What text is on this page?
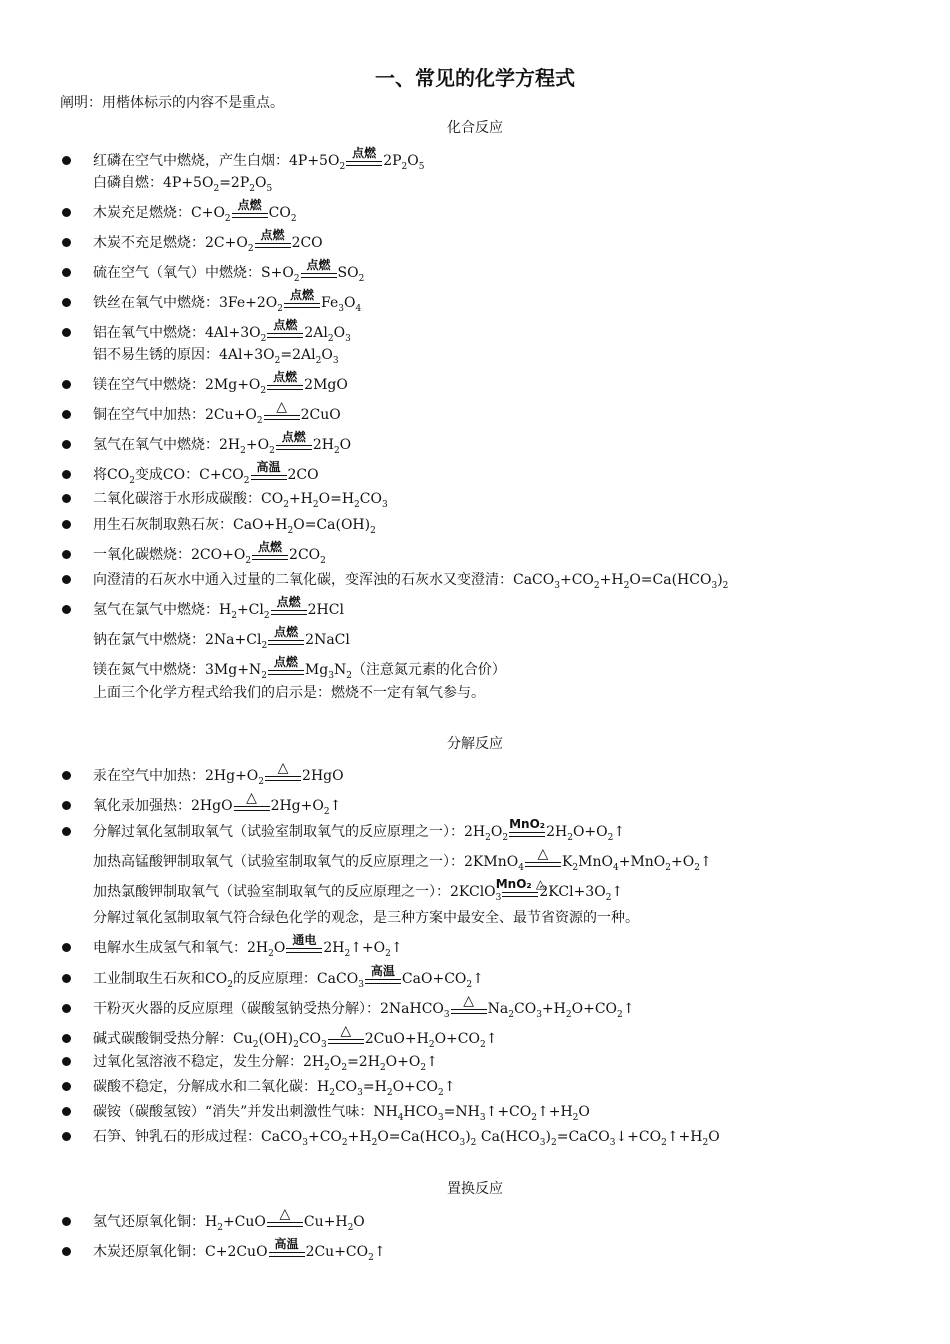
一、常见的化学方程式
阐明：用楷体标示的内容不是重点。
化合反应
红磷在空气中燃烧，产生白烟：$4P+5O_2$
点燃 $2P_2O_5$
白磷自燃：$4P+5O_2=2P_2O_5$
木炭充足燃烧：$C+O_2$
点燃 $CO_2$
木炭不充足燃烧：$2C+O_2$
点燃 2CO
硫在空气（氧气）中燃烧：$S+O_2$
点燃 $SO_2$
铁丝在氧气中燃烧：$3Fe+2O_2$
点燃 $Fe_3O_4$
铝在氧气中燃烧：$4Al+3O_2$
点燃 $2Al_2O_3$
铝不易生锈的原因：$4Al+3O_2=2Al_2O_3$
镁在空气中燃烧：$2Mg+O_2$
点燃 2MgO
铜在空气中加热：$2Cu+O_2$
△ 2CuO
氢气在氧气中燃烧：$2H_2+O_2$
点燃 $2H_2O$
将$CO_2$变成CO：$C+CO_2$
高温 2CO
二氧化碳溶于水形成碳酸：$CO_2+H_2O=H_2CO_3$
用生石灰制取熟石灰：$CaO+H_2O=Ca(OH)_2$
一氧化碳燃烧：$2CO+O_2$
点燃 $2CO_2$
向澄清的石灰水中通入过量的二氧化碳，变浑浊的石灰水又变澄清：$CaCO_3+CO_2+H_2O=Ca(HCO_3)_2$
氢气在氯气中燃烧：$H_2+Cl_2$
点燃 2HCl
钠在氯气中燃烧：$2Na+Cl_2$
点燃 2NaCl
镁在氮气中燃烧：$3Mg+N_2$
点燃 $Mg_3N_2$（注意氮元素的化合价）
上面三个化学方程式给我们的启示是：燃烧不一定有氧气参与。
分解反应
汞在空气中加热：$2Hg+O_2$
△ 2HgO
氧化汞加强热：2HgO △ $2Hg+O_2↑$
分解过氧化氢制取氧气（试验室制取氧气的反应原理之一）：$2H_2O_2$
MnO₂ $2H_2O+O_2↑$
加热高锰酸钾制取氧气（试验室制取氧气的反应原理之一）：2KMnO$_4$
△ $K_2MnO_4+MnO_2+O_2↑$
加热氯酸钾制取氧气（试验室制取氧气的反应原理之一）：2KClO$_3$
MnO₂ △
$2KCl+3O_2↑$
分解过氧化氢制取氧气符合绿色化学的观念，是三种方案中最安全、最节省资源的一种。
电解水生成氢气和氧气：$2H_2O$ 通电 $2H_2↑+O_2↑$
工业制取生石灰和$CO_2$的反应原理：CaCO$_3$
高温 $CaO+CO_2↑$
干粉灭火器的反应原理（碳酸氢钠受热分解）：2NaHCO$_3$
△ $Na_2CO_3+H_2O+CO_2↑$
碱式碳酸铜受热分解：$Cu_2(OH)_2CO_3$
△ $2CuO+H_2O+CO_2↑$
过氧化氢溶液不稳定，发生分解：$2H_2O_2=2H_2O+O_2↑$
碳酸不稳定，分解成水和二氧化碳：$H_2CO_3=H_2O+CO_2↑$
碳铵（碳酸氢铵）“消失”并发出刺激性气味：$NH_4HCO_3=NH_3↑+CO_2↑+H_2O$
石笋、钟乳石的形成过程：$CaCO_3+CO_2+H_2O=Ca(HCO_3)_2$ $Ca(HCO_3)_2=CaCO_3↓+CO_2↑+H_2O$
置换反应
氢气还原氧化铜：$H_2+CuO$ △ $Cu+H_2O$
木炭还原氧化铜：C+2CuO 高温 $2Cu+CO_2↑$
